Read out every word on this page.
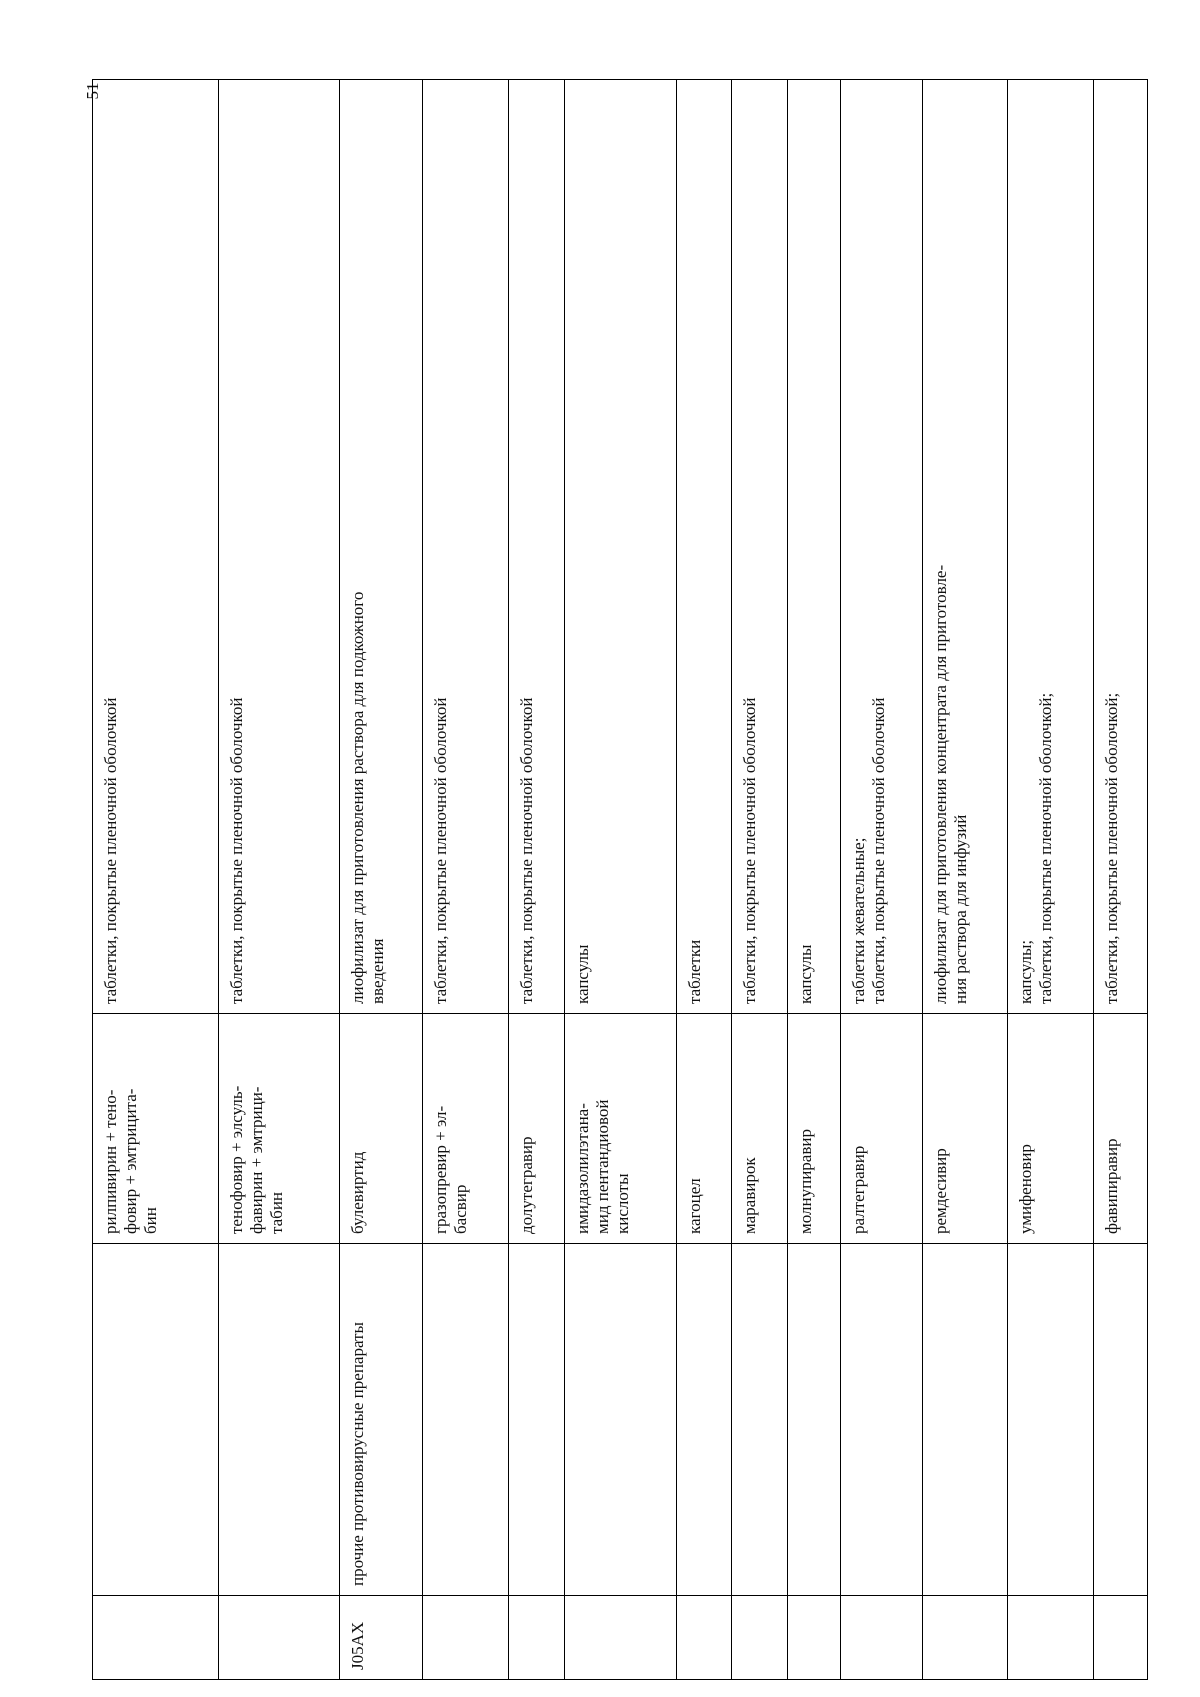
51
		рилпивирин + тено-
фовир + эмтрицита-
бин	таблетки, покрытые пленочной оболочкой
		тенофовир + элсуль-
фавирин + эмтрици-
табин	таблетки, покрытые пленочной оболочкой
J05AX	прочие противовирусные препараты	булевиртид	лиофилизат для приготовления раствора для подкожного
введения
		гразопревир + эл-
басвир	таблетки, покрытые пленочной оболочкой
		долутегравир	таблетки, покрытые пленочной оболочкой
		имидазолилэтана-
мид пентандиовой
кислоты	капсулы
		кагоцел	таблетки
		маравирок	таблетки, покрытые пленочной оболочкой
		молнупиравир	капсулы
		ралтегравир	таблетки жевательные;
таблетки, покрытые пленочной оболочкой
		ремдесивир	лиофилизат для приготовления концентрата для приготовле-
ния раствора для инфузий
		умифеновир	капсулы;
таблетки, покрытые пленочной оболочкой;
		фавипиравир	таблетки, покрытые пленочной оболочкой;
